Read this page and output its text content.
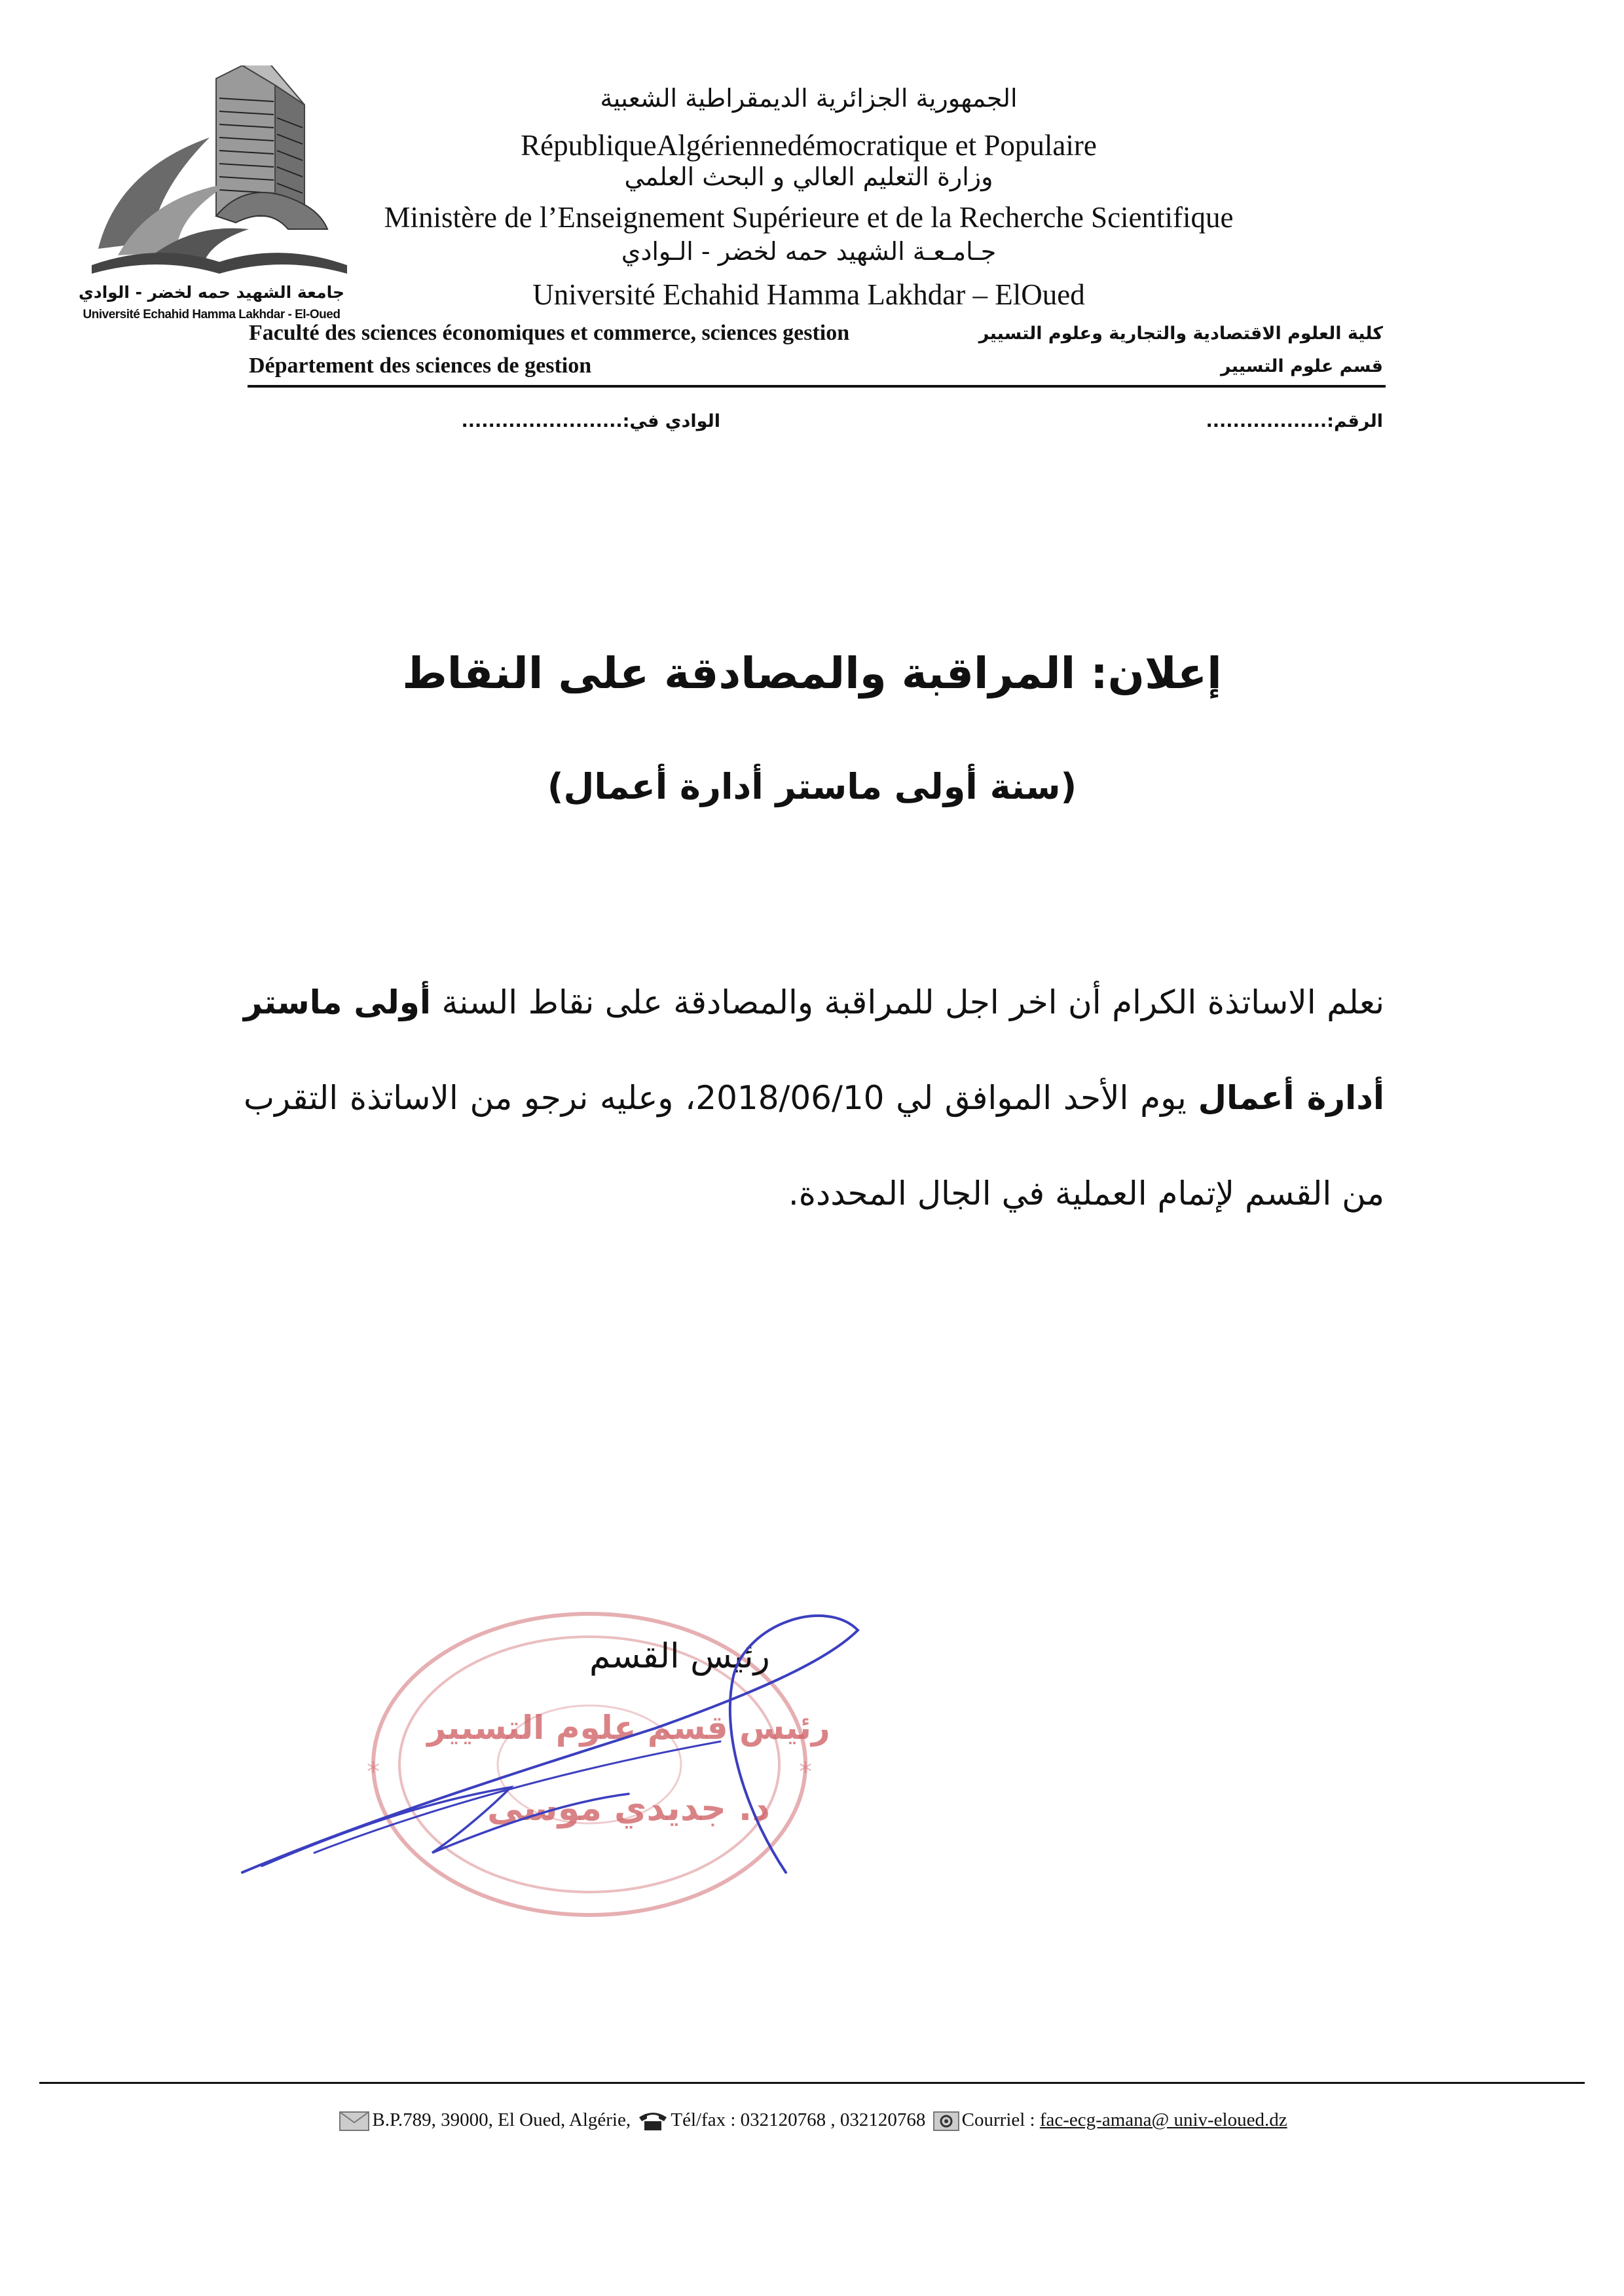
جامعة الشهيد حمه لخضر - الوادي
Université Echahid Hamma Lakhdar - El-Oued
الجمهورية الجزائرية الديمقراطية الشعبية
RépubliqueAlgériennedémocratique et Populaire
وزارة التعليم العالي و البحث العلمي
Ministère de l’Enseignement Supérieure et de la Recherche Scientifique
جـامـعـة الشهيد حمه لخضر - الـوادي
Université Echahid Hamma Lakhdar – ElOued
Faculté des sciences économiques et commerce, sciences gestion
Département des sciences de gestion
كلية العلوم الاقتصادية والتجارية وعلوم التسيير
قسم علوم التسيير
الرقم:..................
الوادي في:........................
إعلان: المراقبة والمصادقة على النقاط
(سنة أولى ماستر أدارة أعمال)
نعلم الاساتذة الكرام أن اخر اجل للمراقبة والمصادقة على نقاط السنة أولى ماستر أدارة أعمال يوم الأحد الموافق لي 2018/06/10، وعليه نرجو من الاساتذة التقرب من القسم لإتمام العملية في الجال المحددة.
*	*
رئيس قسم علوم التسيير
د. جديدي موسى
رئيس القسم
B.P.789, 39000, El Oued, Algérie, Tél/fax : 032120768 , 032120768 Courriel : fac-ecg-amana@ univ-eloued.dz
